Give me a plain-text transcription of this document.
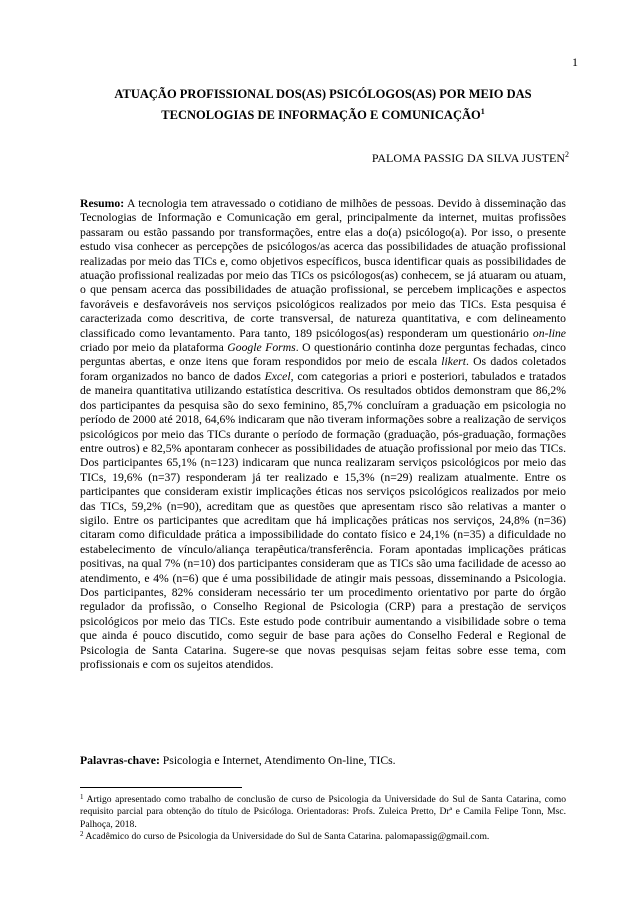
1
ATUAÇÃO PROFISSIONAL DOS(AS) PSICÓLOGOS(AS) POR MEIO DAS
TECNOLOGIAS DE INFORMAÇÃO E COMUNICAÇÃO$^1$
PALOMA PASSIG DA SILVA JUSTEN$^2$

Resumo: A tecnologia tem atravessado o cotidiano de milhões de pessoas. Devido à disseminação das Tecnologias de Informação e Comunicação em geral, principalmente da internet, muitas profissões passaram ou estão passando por transformações, entre elas a do(a) psicólogo(a). Por isso, o presente estudo visa conhecer as percepções de psicólogos/as acerca das possibilidades de atuação profissional realizadas por meio das TICs e, como objetivos específicos, busca identificar quais as possibilidades de atuação profissional realizadas por meio das TICs os psicólogos(as) conhecem, se já atuaram ou atuam, o que pensam acerca das possibilidades de atuação profissional, se percebem implicações e aspectos favoráveis e desfavoráveis nos serviços psicológicos realizados por meio das TICs. Esta pesquisa é caracterizada como descritiva, de corte transversal, de natureza quantitativa, e com delineamento classificado como levantamento. Para tanto, 189 psicólogos(as) responderam um questionário on-line criado por meio da plataforma Google Forms. O questionário continha doze perguntas fechadas, cinco perguntas abertas, e onze itens que foram respondidos por meio de escala likert. Os dados coletados foram organizados no banco de dados Excel, com categorias a priori e posteriori, tabulados e tratados de maneira quantitativa utilizando estatística descritiva. Os resultados obtidos demonstram que 86,2% dos participantes da pesquisa são do sexo feminino, 85,7% concluíram a graduação em psicologia no período de 2000 até 2018, 64,6% indicaram que não tiveram informações sobre a realização de serviços psicológicos por meio das TICs durante o período de formação (graduação, pós-graduação, formações entre outros) e 82,5% apontaram conhecer as possibilidades de atuação profissional por meio das TICs. Dos participantes 65,1% (n=123) indicaram que nunca realizaram serviços psicológicos por meio das TICs, 19,6% (n=37) responderam já ter realizado e 15,3% (n=29) realizam atualmente. Entre os participantes que consideram existir implicações éticas nos serviços psicológicos realizados por meio das TICs, 59,2% (n=90), acreditam que as questões que apresentam risco são relativas a manter o sigilo. Entre os participantes que acreditam que há implicações práticas nos serviços, 24,8% (n=36) citaram como dificuldade prática a impossibilidade do contato físico e 24,1% (n=35) a dificuldade no estabelecimento de vínculo/aliança terapêutica/transferência. Foram apontadas implicações práticas positivas, na qual 7% (n=10) dos participantes consideram que as TICs são uma facilidade de acesso ao atendimento, e 4% (n=6) que é uma possibilidade de atingir mais pessoas, disseminando a Psicologia. Dos participantes, 82% consideram necessário ter um procedimento orientativo por parte do órgão regulador da profissão, o Conselho Regional de Psicologia (CRP) para a prestação de serviços psicológicos por meio das TICs. Este estudo pode contribuir aumentando a visibilidade sobre o tema que ainda é pouco discutido, como seguir de base para ações do Conselho Federal e Regional de Psicologia de Santa Catarina. Sugere-se que novas pesquisas sejam feitas sobre esse tema, com profissionais e com os sujeitos atendidos.

Palavras-chave: Psicologia e Internet, Atendimento On-line, TICs.

$^1$ Artigo apresentado como trabalho de conclusão de curso de Psicologia da Universidade do Sul de Santa Catarina, como requisito parcial para obtenção do título de Psicóloga. Orientadoras: Profs. Zuleica Pretto, Drª e Camila Felipe Tonn, Msc. Palhoça, 2018.

$^2$ Acadêmico do curso de Psicologia da Universidade do Sul de Santa Catarina. palomapassig@gmail.com.
